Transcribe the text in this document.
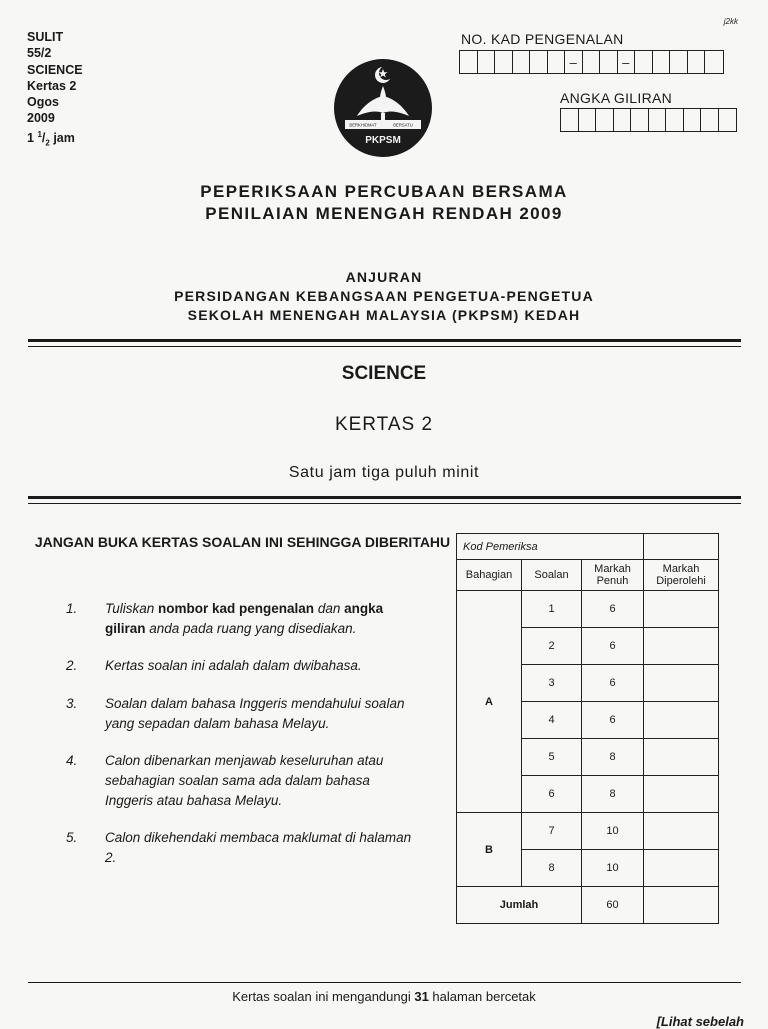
SULIT
55/2
SCIENCE
Kertas 2
Ogos
2009
1 $^1/_2$ jam
j2kk
BERKHIDMAT	BERSATU
PKPSM
NO. KAD PENGENALAN
–	–
ANGKA GILIRAN
PEPERIKSAAN PERCUBAAN BERSAMA
PENILAIAN MENENGAH RENDAH 2009
ANJURAN
PERSIDANGAN KEBANGSAAN PENGETUA-PENGETUA
SEKOLAH MENENGAH MALAYSIA (PKPSM) KEDAH
SCIENCE
KERTAS 2
Satu jam tiga puluh minit
JANGAN BUKA KERTAS SOALAN INI SEHINGGA DIBERITAHU
1.	Tuliskan nombor kad pengenalan dan angka giliran anda pada ruang yang disediakan.
2.	Kertas soalan ini adalah dalam dwibahasa.
3.	Soalan dalam bahasa Inggeris mendahului soalan yang sepadan dalam bahasa Melayu.
4.	Calon dibenarkan menjawab keseluruhan atau sebahagian soalan sama ada dalam bahasa Inggeris atau bahasa Melayu.
5.	Calon dikehendaki membaca maklumat di halaman 2.
Kod Pemeriksa			
Bahagian	Soalan	Markah Penuh	Markah Diperolehi
A	1	6	
	2	6	
	3	6	
	4	6	
	5	8	
	6	8	
B	7	10	
	8	10	
Jumlah		60	
Kertas soalan ini mengandungi 31 halaman bercetak
[Lihat sebelah
